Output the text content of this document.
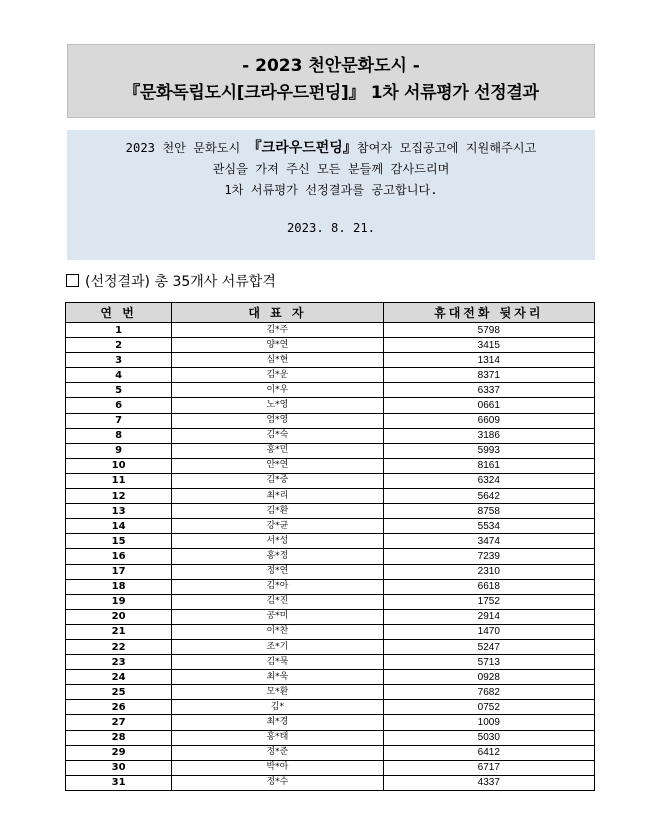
- 2023 천안문화도시 -
『문화독립도시[크라우드펀딩]』 1차 서류평가 선정결과
2023 천안 문화도시 『크라우드펀딩』참여자 모집공고에 지원해주시고
관심을 가져 주신 모든 분들께 감사드리며
1차 서류평가 선정결과를 공고합니다.
2023. 8. 21.
(선정결과) 총 35개사 서류합격
연 번	대 표 자	휴대전화 뒷자리
1	김*주	5798
2	양*연	3415
3	심*현	1314
4	김*운	8371
5	이*우	6337
6	노*영	0661
7	엄*영	6609
8	김*숙	3186
9	홍*민	5993
10	안*연	8161
11	김*중	6324
12	최*리	5642
13	김*환	8758
14	강*균	5534
15	서*성	3474
16	홍*정	7239
17	정*연	2310
18	김*아	6618
19	김*진	1752
20	공*미	2914
21	이*찬	1470
22	조*기	5247
23	김*묵	5713
24	최*욱	0928
25	모*환	7682
26	김*	0752
27	최*경	1009
28	홍*태	5030
29	정*준	6412
30	박*아	6717
31	정*수	4337
